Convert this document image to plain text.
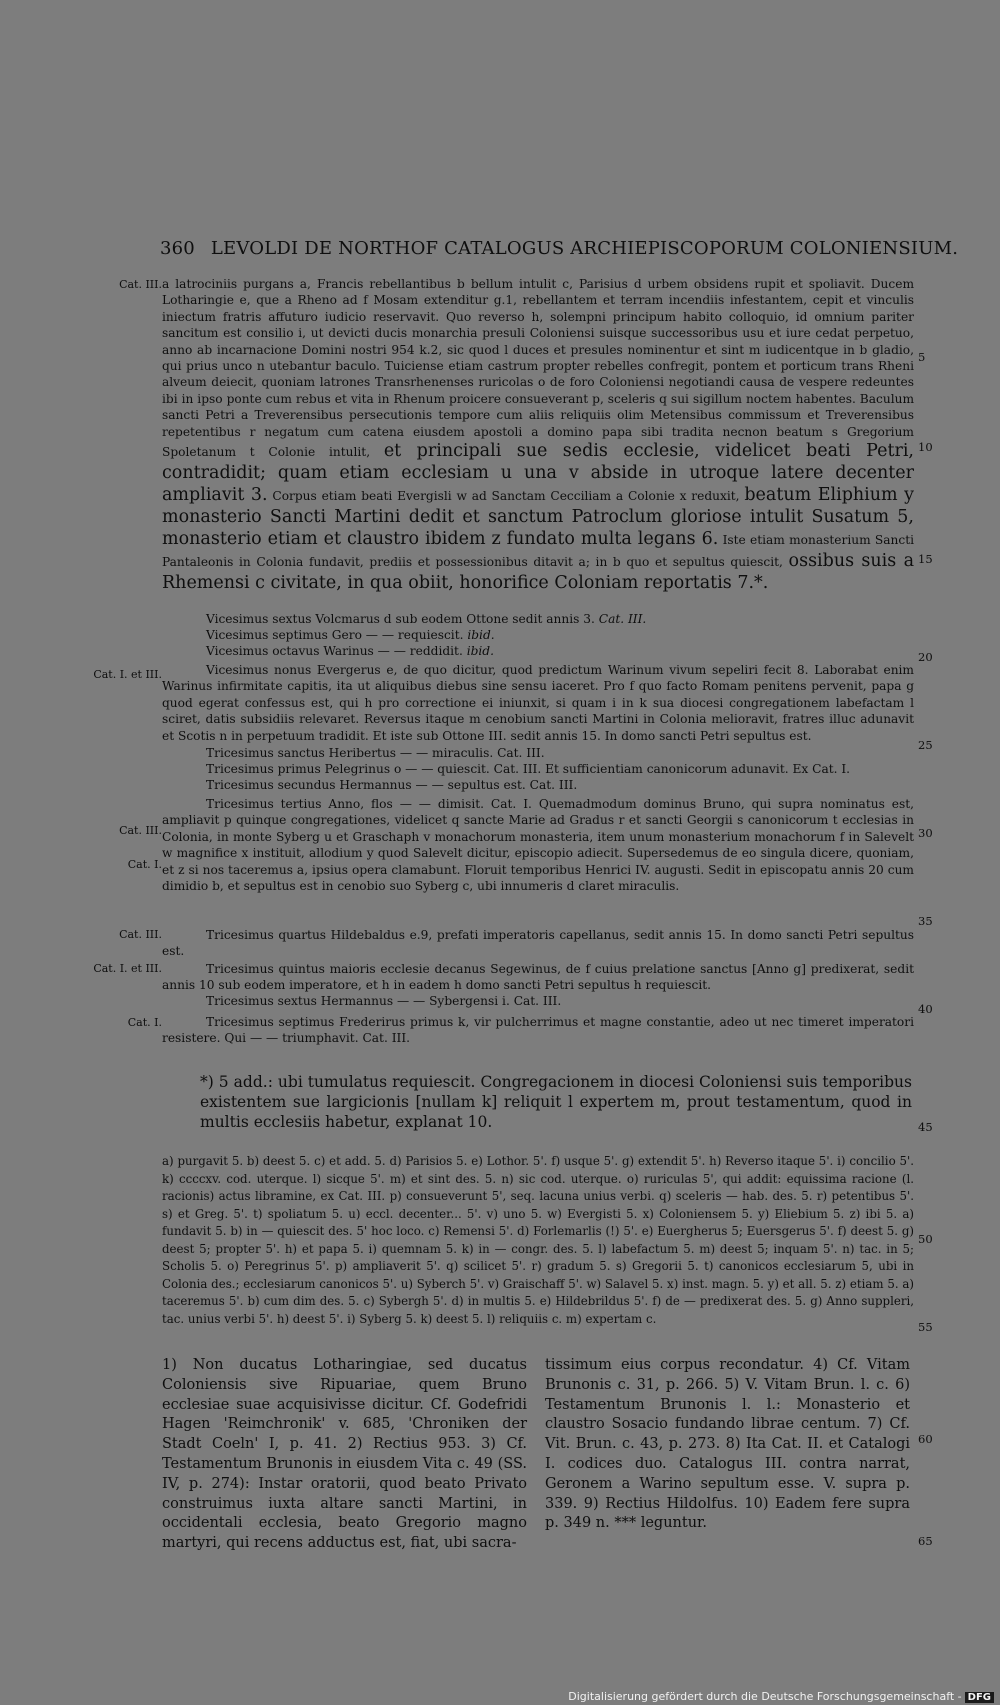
360 LEVOLDI DE NORTHOF CATALOGUS ARCHIEPISCOPORUM COLONIENSIUM.
Cat. III.
Cat. I. et III.
Cat. III.
Cat. I.
Cat. III.
Cat. I. et III.
Cat. I.
5
10
15
20
25
30
35
40
45
50
55
60
65
a latrociniis purgans a, Francis rebellantibus b bellum intulit c, Parisius d urbem obsidens rupit et spoliavit. Ducem Lotharingie e, que a Rheno ad f Mosam extenditur g.1, rebellantem et terram incendiis infestantem, cepit et vinculis iniectum fratris affuturo iudicio reservavit. Quo reverso h, solempni principum habito colloquio, id omnium pariter sancitum est consilio i, ut devicti ducis monarchia presuli Coloniensi suisque successoribus usu et iure cedat perpetuo, anno ab incarnacione Domini nostri 954 k.2, sic quod l duces et presules nominentur et sint m iudicentque in b gladio, qui prius unco n utebantur baculo. Tuiciense etiam castrum propter rebelles confregit, pontem et porticum trans Rheni alveum deiecit, quoniam latrones Transrhenenses ruricolas o de foro Coloniensi negotiandi causa de vespere redeuntes ibi in ipso ponte cum rebus et vita in Rhenum proicere consueverant p, sceleris q sui sigillum noctem habentes. Baculum sancti Petri a Treverensibus persecutionis tempore cum aliis reliquiis olim Metensibus commissum et Treverensibus repetentibus r negatum cum catena eiusdem apostoli a domino papa sibi tradita necnon beatum s Gregorium Spoletanum t Colonie intulit, et principali sue sedis ecclesie, videlicet beati Petri, contradidit; quam etiam ecclesiam u una v abside in utroque latere decenter ampliavit 3. Corpus etiam beati Evergisli w ad Sanctam Cecciliam a Colonie x reduxit, beatum Eliphium y monasterio Sancti Martini dedit et sanctum Patroclum gloriose intulit Susatum 5, monasterio etiam et claustro ibidem z fundato multa legans 6. Iste etiam monasterium Sancti Pantaleonis in Colonia fundavit, prediis et possessionibus ditavit a; in b quo et sepultus quiescit, ossibus suis a Rhemensi c civitate, in qua obiit, honorifice Coloniam reportatis 7.*.
Vicesimus sextus Volcmarus d sub eodem Ottone sedit annis 3. Cat. III.
Vicesimus septimus Gero — — requiescit. ibid.
Vicesimus octavus Warinus — — reddidit. ibid.
Vicesimus nonus Evergerus e, de quo dicitur, quod predictum Warinum vivum sepeliri fecit 8. Laborabat enim Warinus infirmitate capitis, ita ut aliquibus diebus sine sensu iaceret. Pro f quo facto Romam penitens pervenit, papa g quod egerat confessus est, qui h pro correctione ei iniunxit, si quam i in k sua diocesi congregationem labefactam l sciret, datis subsidiis relevaret. Reversus itaque m cenobium sancti Martini in Colonia melioravit, fratres illuc adunavit et Scotis n in perpetuum tradidit. Et iste sub Ottone III. sedit annis 15. In domo sancti Petri sepultus est.
Tricesimus sanctus Heribertus — — miraculis. Cat. III.
Tricesimus primus Pelegrinus o — — quiescit. Cat. III. Et sufficientiam canonicorum adunavit. Ex Cat. I.
Tricesimus secundus Hermannus — — sepultus est. Cat. III.
Tricesimus tertius Anno, flos — — dimisit. Cat. I. Quemadmodum dominus Bruno, qui supra nominatus est, ampliavit p quinque congregationes, videlicet q sancte Marie ad Gradus r et sancti Georgii s canonicorum t ecclesias in Colonia, in monte Syberg u et Graschaph v monachorum monasteria, item unum monasterium monachorum f in Salevelt w magnifice x instituit, allodium y quod Salevelt dicitur, episcopio adiecit. Supersedemus de eo singula dicere, quoniam, et z si nos taceremus a, ipsius opera clamabunt. Floruit temporibus Henrici IV. augusti. Sedit in episcopatu annis 20 cum dimidio b, et sepultus est in cenobio suo Syberg c, ubi innumeris d claret miraculis.
Tricesimus quartus Hildebaldus e.9, prefati imperatoris capellanus, sedit annis 15. In domo sancti Petri sepultus est.
Tricesimus quintus maioris ecclesie decanus Segewinus, de f cuius prelatione sanctus [Anno g] predixerat, sedit annis 10 sub eodem imperatore, et h in eadem h domo sancti Petri sepultus h requiescit.
Tricesimus sextus Hermannus — — Sybergensi i. Cat. III.
Tricesimus septimus Frederirus primus k, vir pulcherrimus et magne constantie, adeo ut nec timeret imperatori resistere. Qui — — triumphavit. Cat. III.
*) 5 add.: ubi tumulatus requiescit. Congregacionem in diocesi Coloniensi suis temporibus existentem sue largicionis [nullam k] reliquit l expertem m, prout testamentum, quod in multis ecclesiis habetur, explanat 10.
a) purgavit 5. b) deest 5. c) et add. 5. d) Parisios 5. e) Lothor. 5'. f) usque 5'. g) extendit 5'. h) Reverso itaque 5'. i) concilio 5'. k) ccccxv. cod. uterque. l) sicque 5'. m) et sint des. 5. n) sic cod. uterque. o) ruriculas 5', qui addit: equissima racione (l. racionis) actus libramine, ex Cat. III. p) consueverunt 5', seq. lacuna unius verbi. q) sceleris — hab. des. 5. r) petentibus 5'. s) et Greg. 5'. t) spoliatum 5. u) eccl. decenter... 5'. v) uno 5. w) Evergisti 5. x) Coloniensem 5. y) Eliebium 5. z) ibi 5. a) fundavit 5. b) in — quiescit des. 5' hoc loco. c) Remensi 5'. d) Forlemarlis (!) 5'. e) Euergherus 5; Euersgerus 5'. f) deest 5. g) deest 5; propter 5'. h) et papa 5. i) quemnam 5. k) in — congr. des. 5. l) labefactum 5. m) deest 5; inquam 5'. n) tac. in 5; Scholis 5. o) Peregrinus 5'. p) ampliaverit 5'. q) scilicet 5'. r) gradum 5. s) Gregorii 5. t) canonicos ecclesiarum 5, ubi in Colonia des.; ecclesiarum canonicos 5'. u) Syberch 5'. v) Graischaff 5'. w) Salavel 5. x) inst. magn. 5. y) et all. 5. z) etiam 5. a) taceremus 5'. b) cum dim des. 5. c) Sybergh 5'. d) in multis 5. e) Hildebrildus 5'. f) de — predixerat des. 5. g) Anno suppleri, tac. unius verbi 5'. h) deest 5'. i) Syberg 5. k) deest 5. l) reliquiis c. m) expertam c.
1) Non ducatus Lotharingiae, sed ducatus Coloniensis sive Ripuariae, quem Bruno ecclesiae suae acquisivisse dicitur. Cf. Godefridi Hagen 'Reimchronik' v. 685, 'Chroniken der Stadt Coeln' I, p. 41. 2) Rectius 953. 3) Cf. Testamentum Brunonis in eiusdem Vita c. 49 (SS. IV, p. 274): Instar oratorii, quod beato Privato construimus iuxta altare sancti Martini, in occidentali ecclesia, beato Gregorio magno martyri, qui recens adductus est, fiat, ubi sacra-
tissimum eius corpus recondatur. 4) Cf. Vitam Brunonis c. 31, p. 266. 5) V. Vitam Brun. l. c. 6) Testamentum Brunonis l. l.: Monasterio et claustro Sosacio fundando librae centum. 7) Cf. Vit. Brun. c. 43, p. 273. 8) Ita Cat. II. et Catalogi I. codices duo. Catalogus III. contra narrat, Geronem a Warino sepultum esse. V. supra p. 339. 9) Rectius Hildolfus. 10) Eadem fere supra p. 349 n. *** leguntur.
Digitalisierung gefördert durch die Deutsche Forschungsgemeinschaft - DFG
